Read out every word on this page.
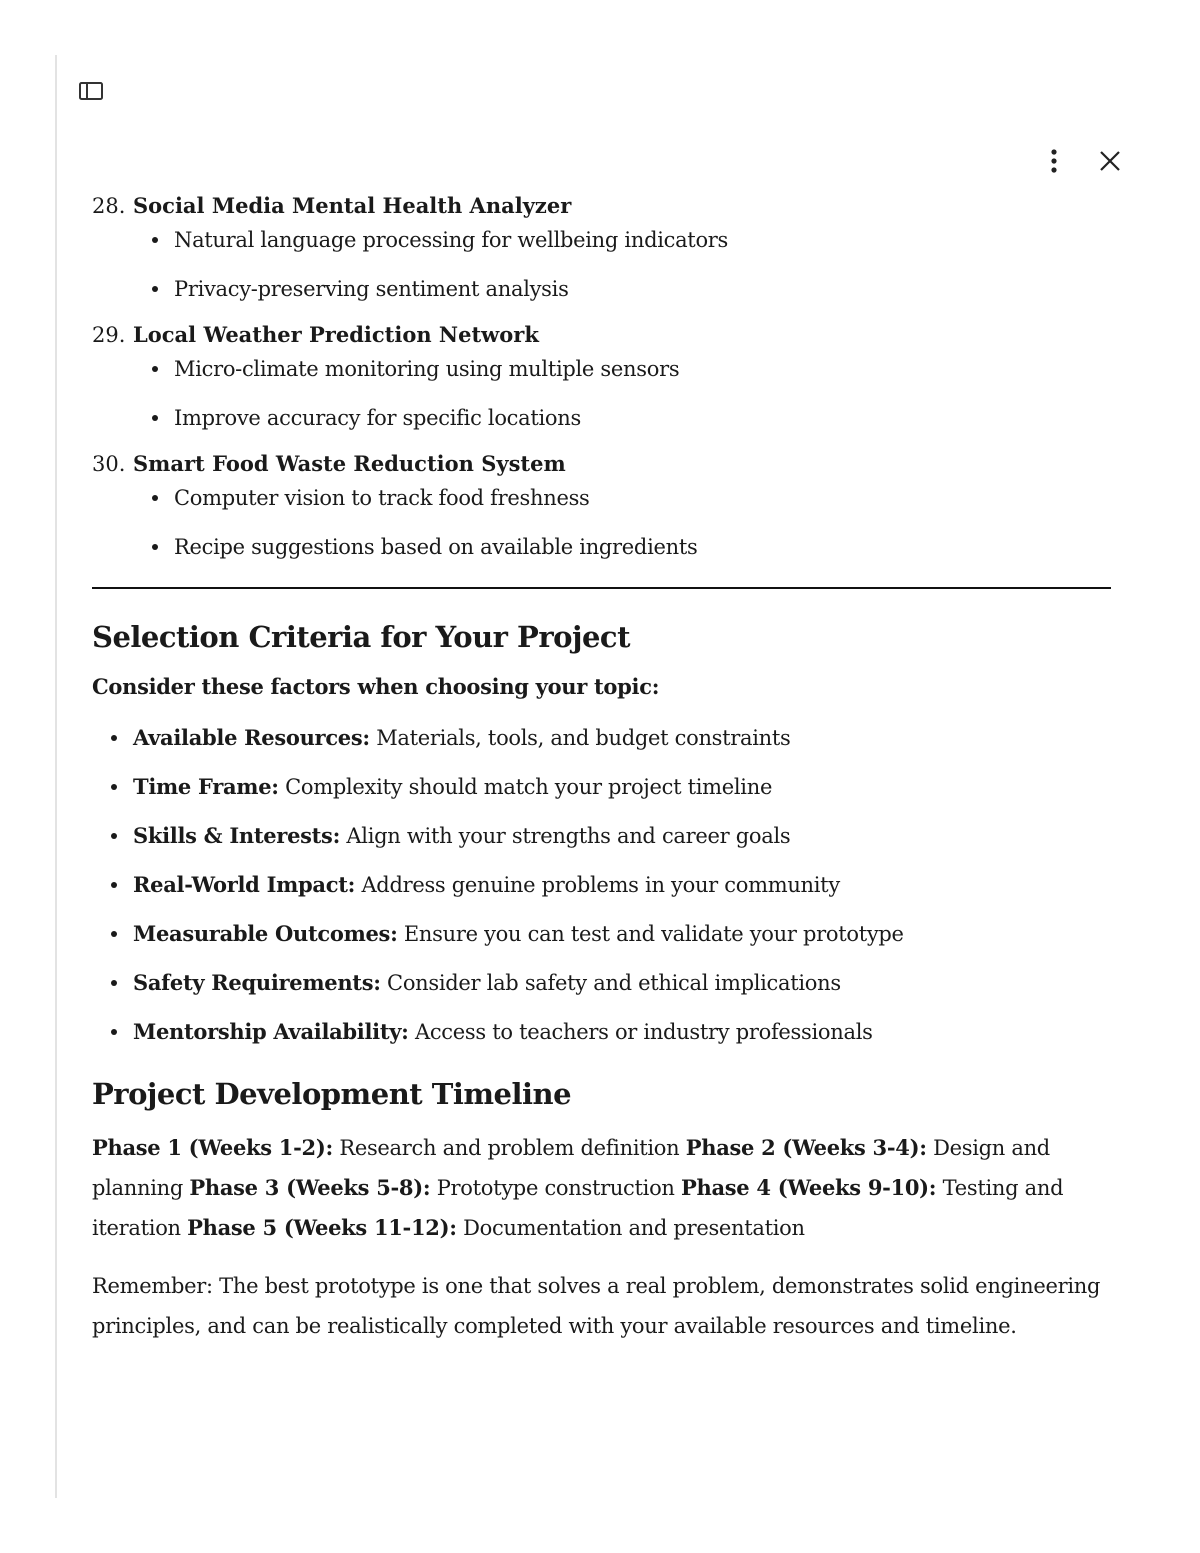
28. Social Media Mental Health Analyzer
Natural language processing for wellbeing indicators
Privacy-preserving sentiment analysis
29. Local Weather Prediction Network
Micro-climate monitoring using multiple sensors
Improve accuracy for specific locations
30. Smart Food Waste Reduction System
Computer vision to track food freshness
Recipe suggestions based on available ingredients
Selection Criteria for Your Project

Consider these factors when choosing your topic:

Available Resources: Materials, tools, and budget constraints
Time Frame: Complexity should match your project timeline
Skills & Interests: Align with your strengths and career goals
Real-World Impact: Address genuine problems in your community
Measurable Outcomes: Ensure you can test and validate your prototype
Safety Requirements: Consider lab safety and ethical implications
Mentorship Availability: Access to teachers or industry professionals
Project Development Timeline

Phase 1 (Weeks 1-2): Research and problem definition Phase 2 (Weeks 3-4): Design and planning Phase 3 (Weeks 5-8): Prototype construction Phase 4 (Weeks 9-10): Testing and iteration Phase 5 (Weeks 11-12): Documentation and presentation

Remember: The best prototype is one that solves a real problem, demonstrates solid engineering principles, and can be realistically completed with your available resources and timeline.
